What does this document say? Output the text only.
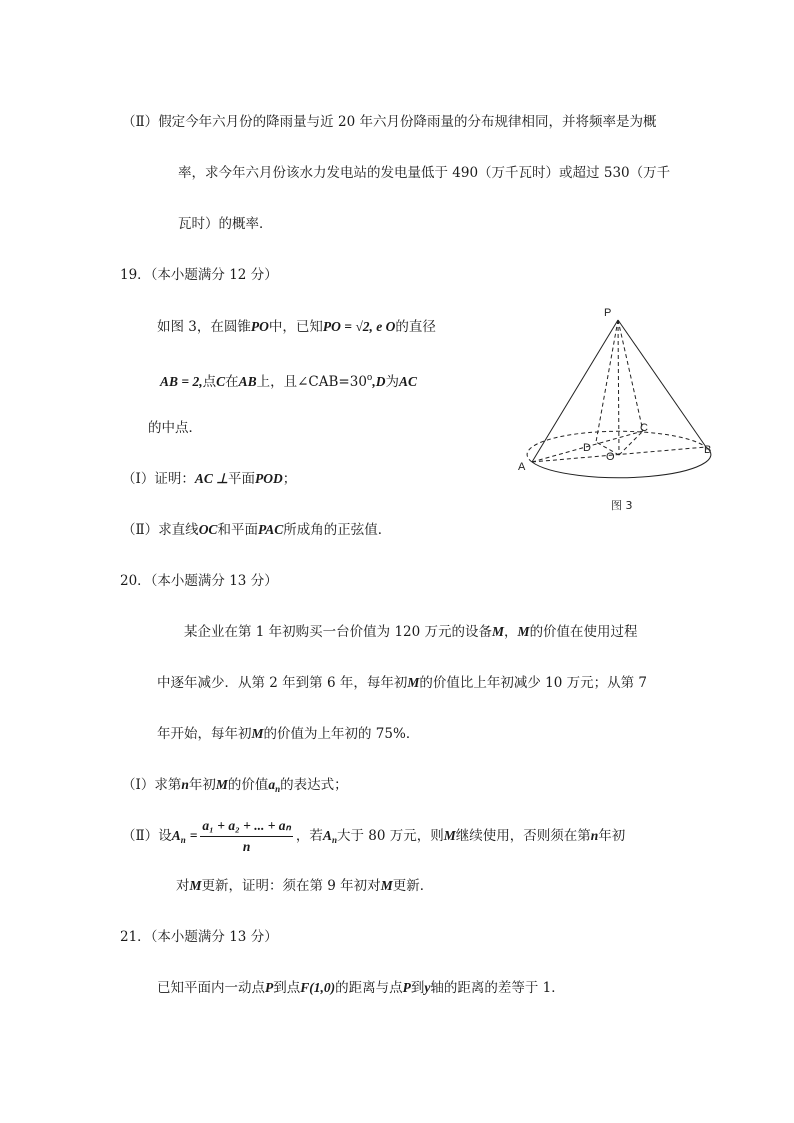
（Ⅱ）假定今年六月份的降雨量与近 20 年六月份降雨量的分布规律相同，并将频率是为概
率，求今年六月份该水力发电站的发电量低于 490（万千瓦时）或超过 530（万千
瓦时）的概率．
19．（本小题满分 12 分）
如图 3，在圆锥PO中，已知PO = √2, e O的直径
AB = 2,点C在AB上，且$\angle CAB=30^o,D$为AC
的中点．
（Ⅰ）证明：AC ⊥平面POD；
（Ⅱ）求直线OC和平面PAC所成角的正弦值．
P
A
B
C
D
O
图 3
20．（本小题满分 13 分）
某企业在第 1 年初购买一台价值为 120 万元的设备M，M的价值在使用过程
中逐年减少．从第 2 年到第 6 年，每年初M的价值比上年初减少 10 万元；从第 7
年开始，每年初M的价值为上年初的 75%．
（Ⅰ）求第n年初M的价值$a_n$的表达式；
（Ⅱ）设$A_n = \frac{\text{a₁ + a₂ + ... + aₙ}}{n}$ ，若$A_n$大于 80 万元，则M继续使用，否则须在第n年初
对M更新，证明：须在第 9 年初对M更新．
21．（本小题满分 13 分）
已知平面内一动点P到点F(1,0)的距离与点P到y轴的距离的差等于 1．
